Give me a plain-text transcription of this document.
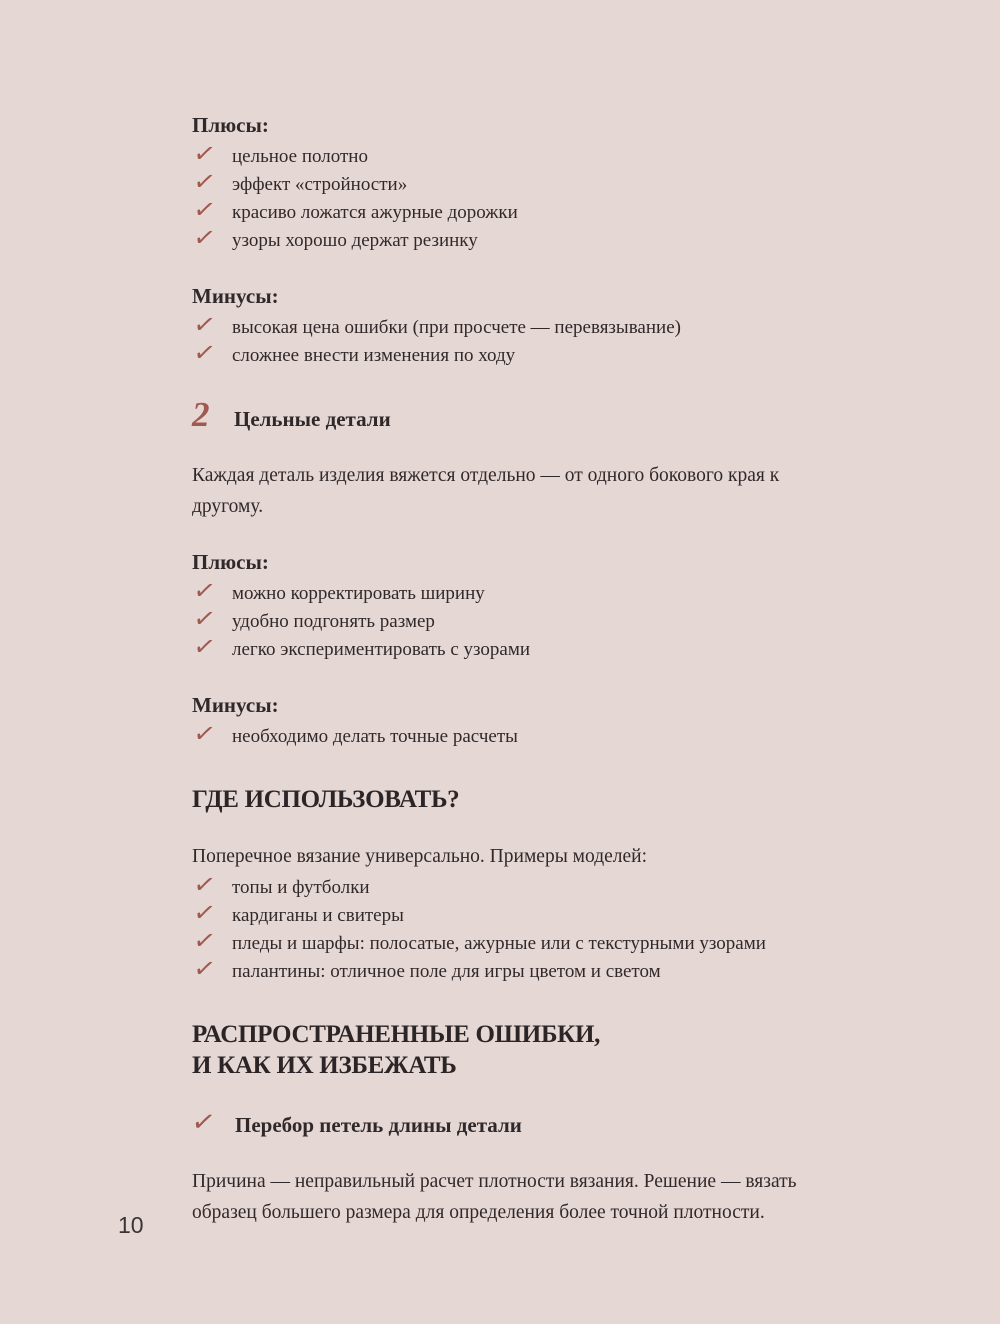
Плюсы:
✓ цельное полотно
✓ эффект «стройности»
✓ красиво ложатся ажурные дорожки
✓ узоры хорошо держат резинку
Минусы:
✓ высокая цена ошибки (при просчете — перевязывание)
✓ сложнее внести изменения по ходу
2	Цельные детали

Каждая деталь изделия вяжется отдельно — от одного бокового края к другому.

Плюсы:
✓ можно корректировать ширину
✓ удобно подгонять размер
✓ легко экспериментировать с узорами
Минусы:
✓ необходимо делать точные расчеты
ГДЕ ИСПОЛЬЗОВАТЬ?

Поперечное вязание универсально. Примеры моделей:

✓ топы и футболки
✓ кардиганы и свитеры
✓ пледы и шарфы: полосатые, ажурные или с текстурными узорами
✓ палантины: отличное поле для игры цветом и светом
РАСПРОСТРАНЕННЫЕ ОШИБКИ,
И КАК ИХ ИЗБЕЖАТЬ
✓ Перебор петель длины детали

Причина — неправильный расчет плотности вязания. Решение — вязать образец большего размера для определения более точной плотности.

10
